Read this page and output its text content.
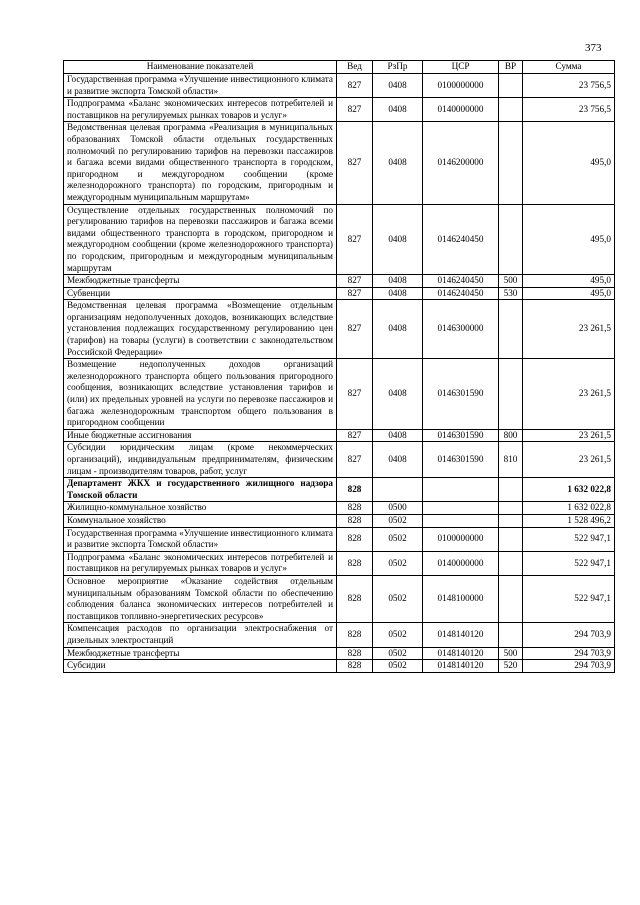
373
Наименование показателей	Вед	РзПр	ЦСР	ВР	Сумма
Государственная программа «Улучшение инвестиционного климата и развитие экспорта Томской области»	827	0408	0100000000		23 756,5
Подпрограмма «Баланс экономических интересов потребителей и поставщиков на регулируемых рынках товаров и услуг»	827	0408	0140000000		23 756,5
Ведомственная целевая программа «Реализация в муниципальных образованиях Томской области отдельных государственных полномочий по регулированию тарифов на перевозки пассажиров и багажа всеми видами общественного транспорта в городском, пригородном и междугородном сообщении (кроме железнодорожного транспорта) по городским, пригородным и междугородным муниципальным маршрутам»	827	0408	0146200000		495,0
Осуществление отдельных государственных полномочий по регулированию тарифов на перевозки пассажиров и багажа всеми видами общественного транспорта в городском, пригородном и междугородном сообщении (кроме железнодорожного транспорта) по городским, пригородным и междугородным муниципальным маршрутам	827	0408	0146240450		495,0
Межбюджетные трансферты	827	0408	0146240450	500	495,0
Субвенции	827	0408	0146240450	530	495,0
Ведомственная целевая программа «Возмещение отдельным организациям недополученных доходов, возникающих вследствие установления подлежащих государственному регулированию цен (тарифов) на товары (услуги) в соответствии с законодательством Российской Федерации»	827	0408	0146300000		23 261,5
Возмещение недополученных доходов организаций железнодорожного транспорта общего пользования пригородного сообщения, возникающих вследствие установления тарифов и (или) их предельных уровней на услуги по перевозке пассажиров и багажа железнодорожным транспортом общего пользования в пригородном сообщении	827	0408	0146301590		23 261,5
Иные бюджетные ассигнования	827	0408	0146301590	800	23 261,5
Субсидии юридическим лицам (кроме некоммерческих организаций), индивидуальным предпринимателям, физическим лицам - производителям товаров, работ, услуг	827	0408	0146301590	810	23 261,5
Департамент ЖКХ и государственного жилищного надзора Томской области	828				1 632 022,8
Жилищно-коммунальное хозяйство	828	0500			1 632 022,8
Коммунальное хозяйство	828	0502			1 528 496,2
Государственная программа «Улучшение инвестиционного климата и развитие экспорта Томской области»	828	0502	0100000000		522 947,1
Подпрограмма «Баланс экономических интересов потребителей и поставщиков на регулируемых рынках товаров и услуг»	828	0502	0140000000		522 947,1
Основное мероприятие «Оказание содействия отдельным муниципальным образованиям Томской области по обеспечению соблюдения баланса экономических интересов потребителей и поставщиков топливно-энергетических ресурсов»	828	0502	0148100000		522 947,1
Компенсация расходов по организации электроснабжения от дизельных электростанций	828	0502	0148140120		294 703,9
Межбюджетные трансферты	828	0502	0148140120	500	294 703,9
Субсидии	828	0502	0148140120	520	294 703,9
